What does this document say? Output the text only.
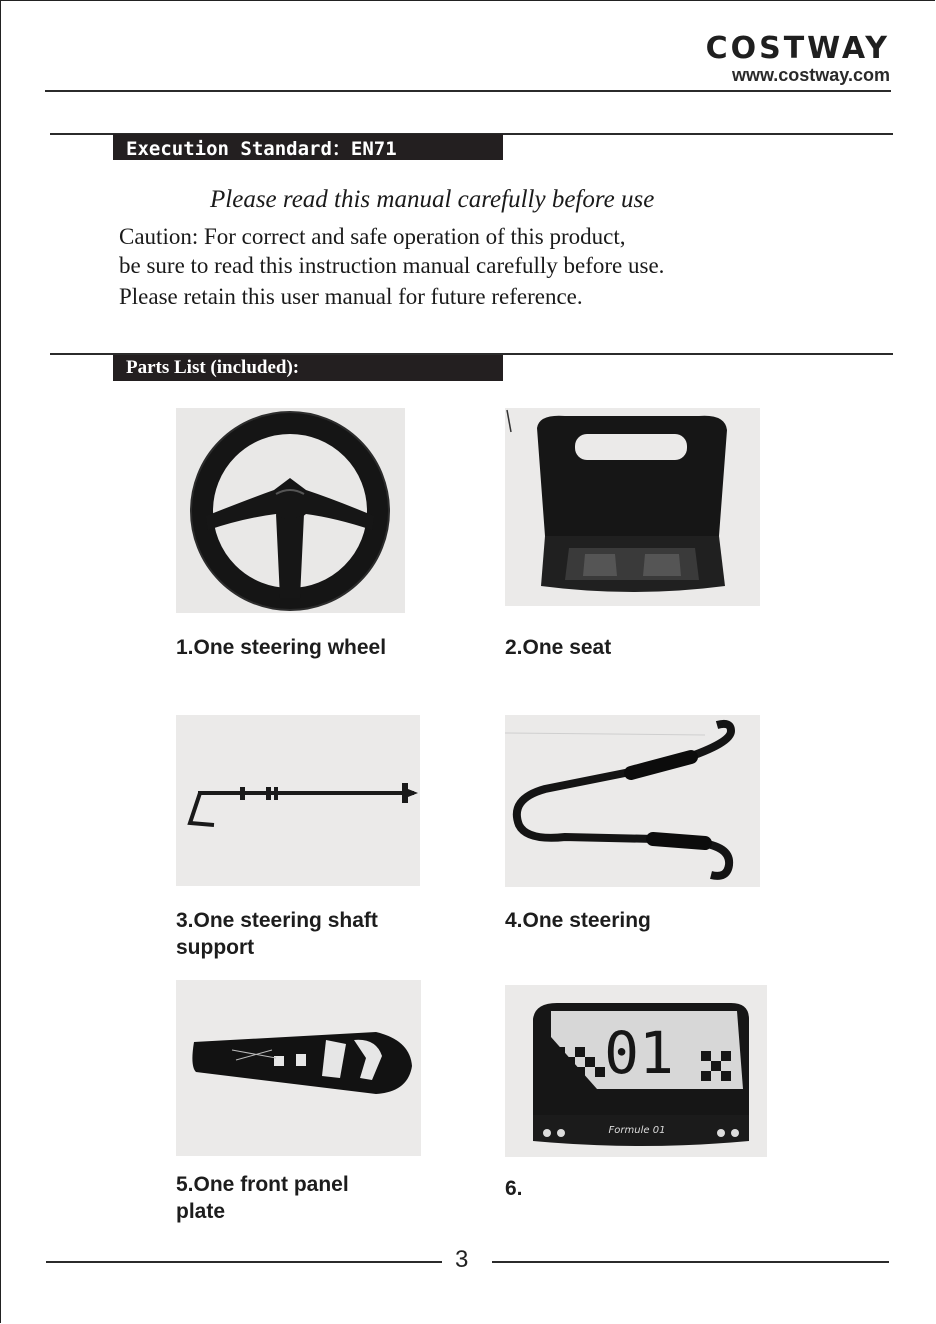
COSTWAY
www.costway.com
Execution Standard：EN71
Please read this manual carefully before use
Caution: For correct and safe operation of this product,
be sure to read this instruction manual carefully before use.
Please retain this user manual for future reference.
Parts List (included):
1.One steering wheel	2.One seat
3.One steering shaft
support
4.One steering
5.One front panel
plate
01
Formule 01
6.
3
